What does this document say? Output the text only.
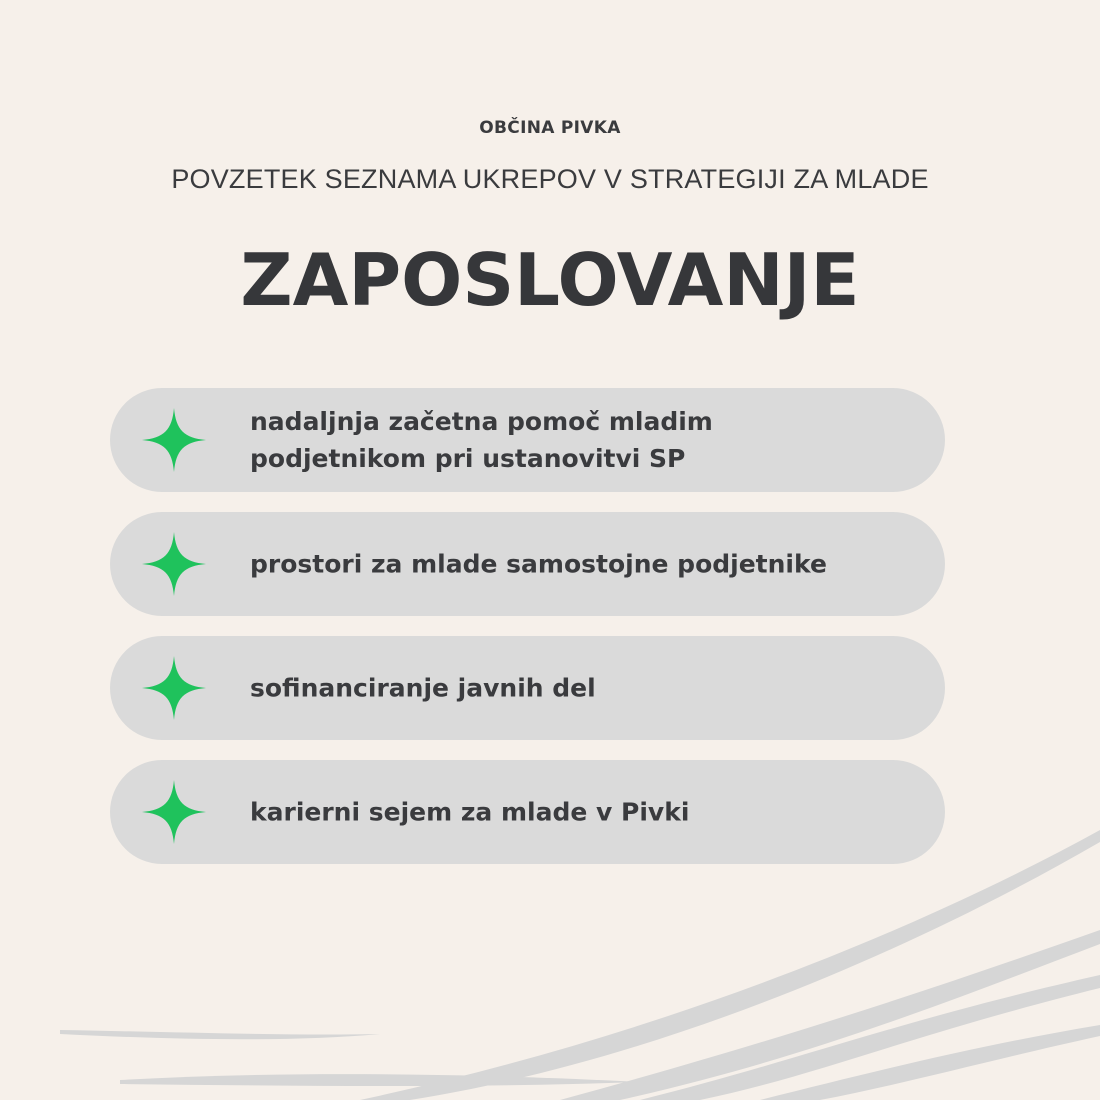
OBČINA PIVKA
POVZETEK SEZNAMA UKREPOV V STRATEGIJI ZA MLADE
ZAPOSLOVANJE
nadaljnja začetna pomoč mladim
podjetnikom pri ustanovitvi SP
prostori za mlade samostojne podjetnike
sofinanciranje javnih del
karierni sejem za mlade v Pivki
